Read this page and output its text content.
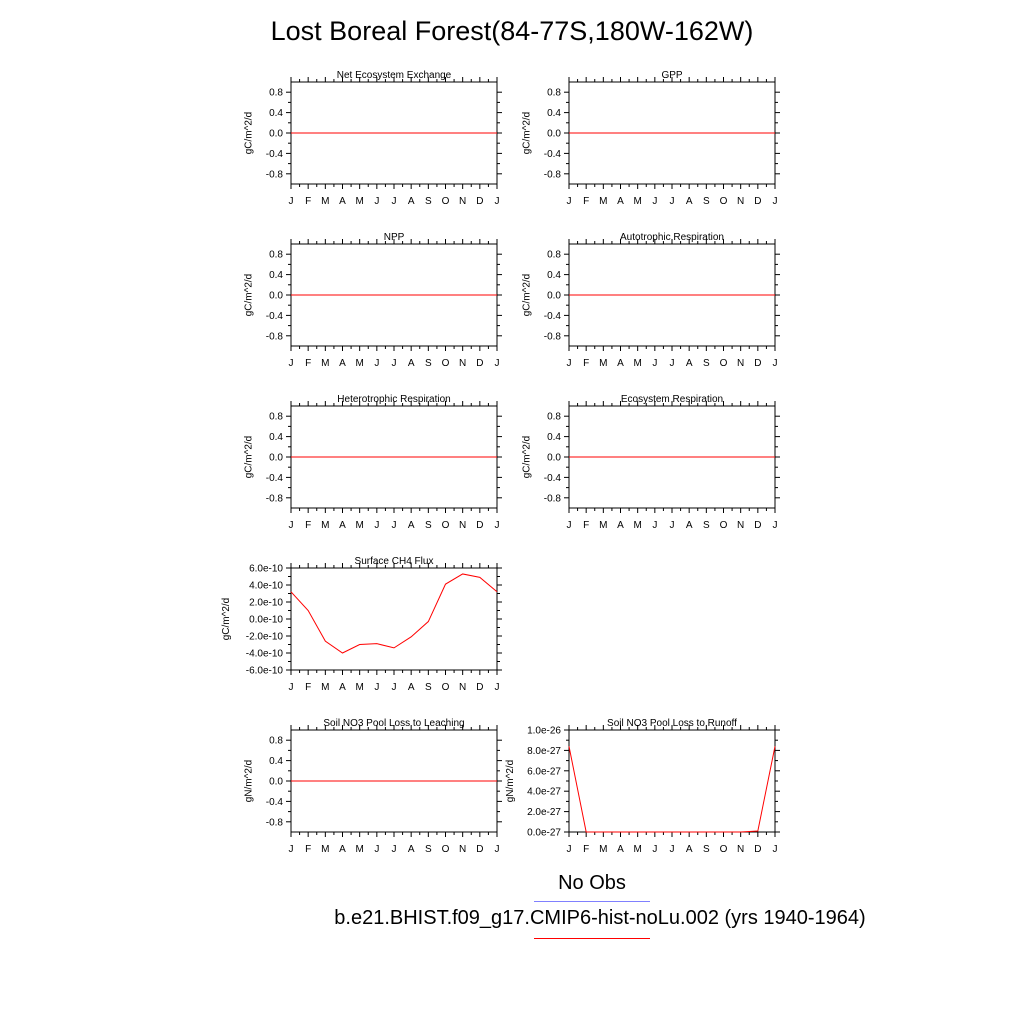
Lost Boreal Forest(84-77S,180W-162W)
Net Ecosystem Exchange
J F M A M J J A S O N D J
0.8
0.4
0.0
-0.4
-0.8
gC/m^2/d
GPP
J F M A M J J A S O N D J
0.8
0.4
0.0
-0.4
-0.8
gC/m^2/d
NPP
J F M A M J J A S O N D J
0.8
0.4
0.0
-0.4
-0.8
gC/m^2/d
Autotrophic Respiration
J F M A M J J A S O N D J
0.8
0.4
0.0
-0.4
-0.8
gC/m^2/d
Heterotrophic Respiration
J F M A M J J A S O N D J
0.8
0.4
0.0
-0.4
-0.8
gC/m^2/d
Ecosystem Respiration
J F M A M J J A S O N D J
0.8
0.4
0.0
-0.4
-0.8
gC/m^2/d
Surface CH4 Flux
J F M A M J J A S O N D J
6.0e-10
4.0e-10
2.0e-10
0.0e-10
-2.0e-10
-4.0e-10
-6.0e-10
gC/m^2/d
Soil NO3 Pool Loss to Leaching
J F M A M J J A S O N D J
0.8
0.4
0.0
-0.4
-0.8
gN/m^2/d
Soil NO3 Pool Loss to Runoff
J F M A M J J A S O N D J
1.0e-26
8.0e-27
6.0e-27
4.0e-27
2.0e-27
0.0e-27
gN/m^2/d
No Obs
b.e21.BHIST.f09_g17.CMIP6-hist-noLu.002 (yrs 1940-1964)
